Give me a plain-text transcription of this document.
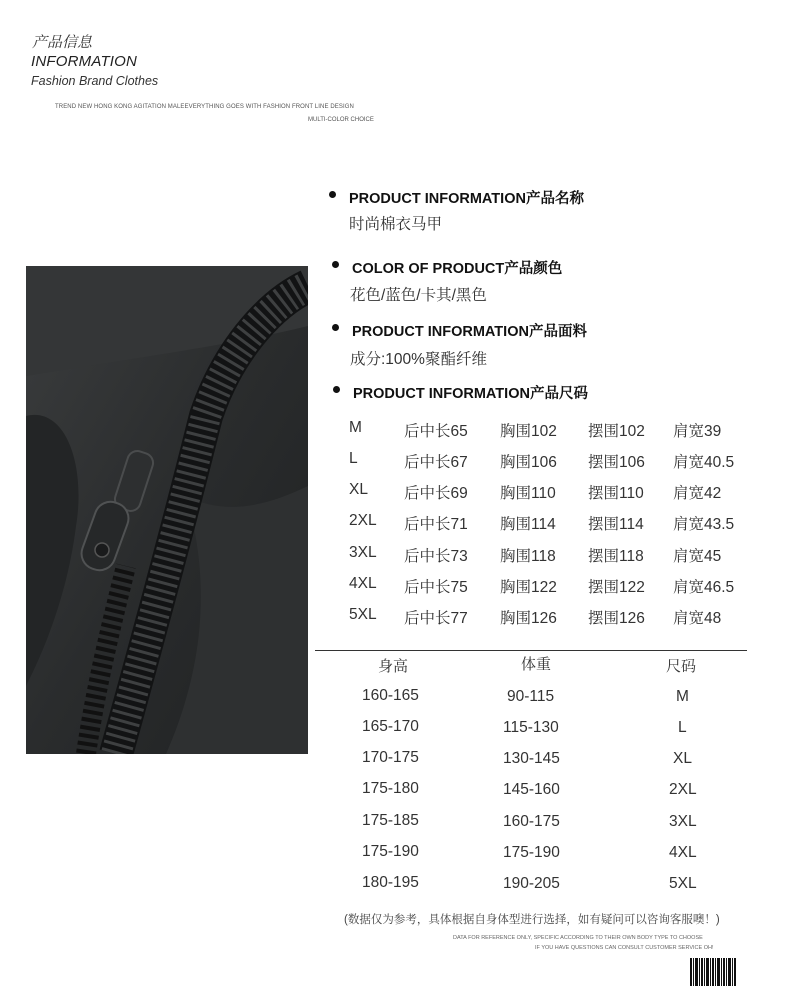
产品信息
INFORMATION
Fashion Brand Clothes
TREND NEW HONG KONG AGITATION MALEEVERYTHING GOES WITH FASHION FRONT LINE DESIGN
MULTI-COLOR CHOICE
PRODUCT INFORMATION产品名称
时尚棉衣马甲
COLOR OF PRODUCT产品颜色
花色/蓝色/卡其/黑色
PRODUCT INFORMATION产品面料
成分:100%聚酯纤维
PRODUCT INFORMATION产品尺码
M	后中长65 胸围102 摆围102 肩宽39
L	后中长67 胸围106 摆围106 肩宽40.5
XL 后中长69 胸围110 摆围110 肩宽42
2XL 后中长71 胸围114 摆围114 肩宽43.5
3XL 后中长73 胸围118 摆围118 肩宽45
4XL 后中长75 胸围122 摆围122 肩宽46.5
5XL 后中长77 胸围126 摆围126 肩宽48
身高	体重	尺码
160-165	90-115	M
165-170	115-130	L
170-175	130-145	XL
175-180	145-160	2XL
175-185	160-175	3XL
175-190	175-190	4XL
180-195	190-205	5XL
(数据仅为参考，具体根据自身体型进行选择，如有疑问可以咨询客服噢！)
DATA FOR REFERENCE ONLY, SPECIFIC ACCORDING TO THEIR OWN BODY TYPE TO CHOOSE
IF YOU HAVE QUESTIONS CAN CONSULT CUSTOMER SERVICE OH!
